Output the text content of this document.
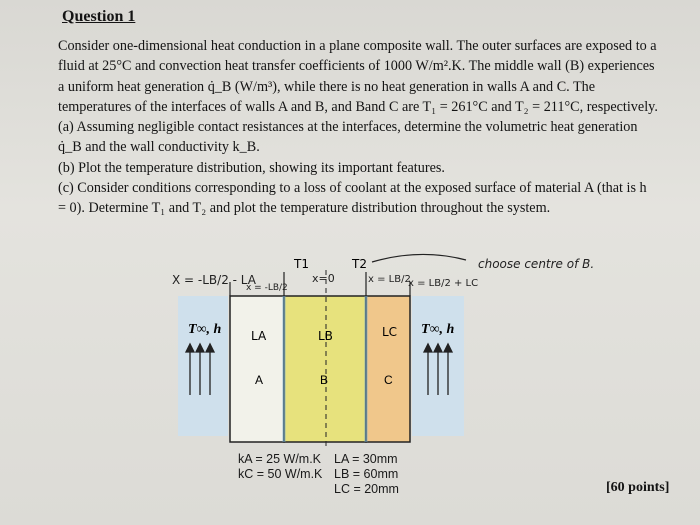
Question 1

Consider one-dimensional heat conduction in a plane composite wall. The outer surfaces are exposed to a fluid at 25°C and convection heat transfer coefficients of 1000 W/m².K. The middle wall (B) experiences a uniform heat generation q̇_B (W/m³), while there is no heat generation in walls A and C. The temperatures of the interfaces of walls A and B, and Band C are T₁ = 261°C and T₂ = 211°C, respectively.

(a) Assuming negligible contact resistances at the interfaces, determine the volumetric heat generation q̇_B and the wall conductivity k_B.
(b) Plot the temperature distribution, showing its important features.
(c) Consider conditions corresponding to a loss of coolant at the exposed surface of material A (that is h = 0). Determine T₁ and T₂ and plot the temperature distribution throughout the system.
T∞, h	T∞, h
LA	LB	LC
A	B	C
T1	T2
X = -LB/2 - LA
x = -LB/2
x=0	x = LB/2
x = LB/2 + LC
choose centre of B.
kA = 25 W/m.K LA = 30mm
kC = 50 W/m.K LB = 60mm
LC = 20mm	[60 points]
